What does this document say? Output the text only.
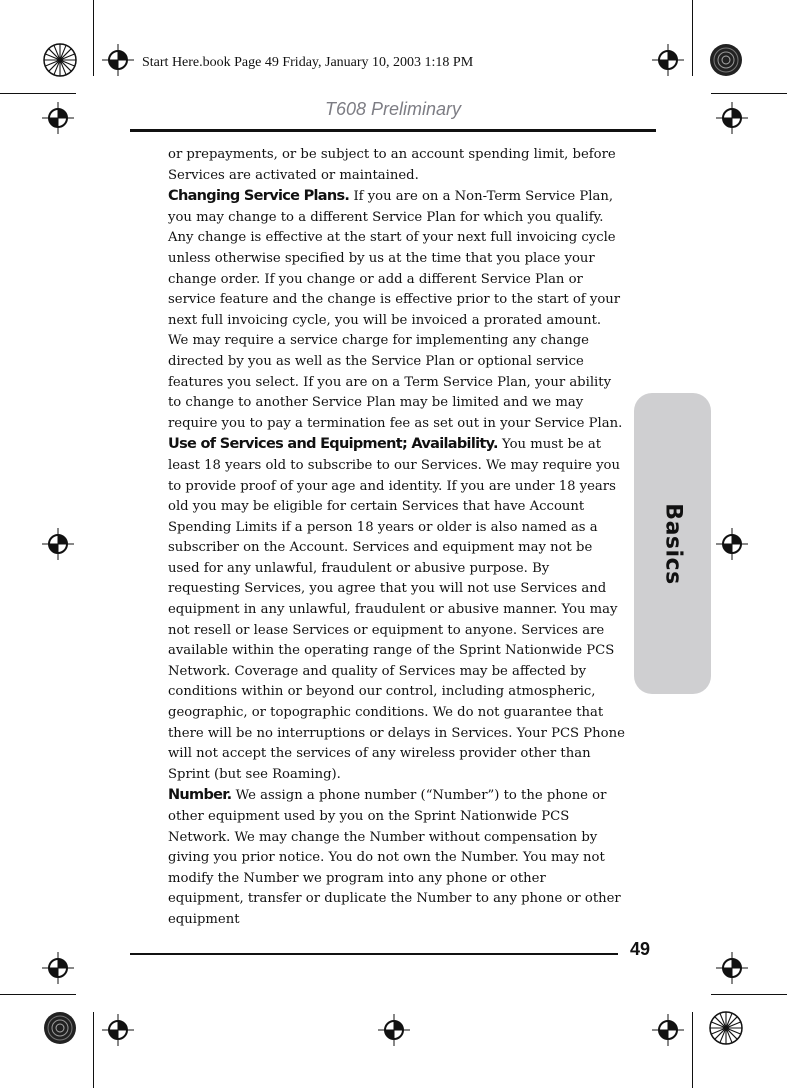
Start Here.book Page 49 Friday, January 10, 2003 1:18 PM
T608 Preliminary
Basics

or prepayments, or be subject to an account spending limit, before Services are activated or maintained.

Changing Service Plans. If you are on a Non-Term Service Plan, you may change to a different Service Plan for which you qualify. Any change is effective at the start of your next full invoicing cycle unless otherwise specified by us at the time that you place your change order. If you change or add a different Service Plan or service feature and the change is effective prior to the start of your next full invoicing cycle, you will be invoiced a prorated amount. We may require a service charge for implementing any change directed by you as well as the Service Plan or optional service features you select. If you are on a Term Service Plan, your ability to change to another Service Plan may be limited and we may require you to pay a termination fee as set out in your Service Plan.

Use of Services and Equipment; Availability. You must be at least 18 years old to subscribe to our Services. We may require you to provide proof of your age and identity. If you are under 18 years old you may be eligible for certain Services that have Account Spending Limits if a person 18 years or older is also named as a subscriber on the Account. Services and equipment may not be used for any unlawful, fraudulent or abusive purpose. By requesting Services, you agree that you will not use Services and equipment in any unlawful, fraudulent or abusive manner. You may not resell or lease Services or equipment to anyone. Services are available within the operating range of the Sprint Nationwide PCS Network. Coverage and quality of Services may be affected by conditions within or beyond our control, including atmospheric, geographic, or topographic conditions. We do not guarantee that there will be no interruptions or delays in Services. Your PCS Phone will not accept the services of any wireless provider other than Sprint (but see Roaming).

Number. We assign a phone number (“Number”) to the phone or other equipment used by you on the Sprint Nationwide PCS Network. We may change the Number without compensation by giving you prior notice. You do not own the Number. You may not modify the Number we program into any phone or other equipment, transfer or duplicate the Number to any phone or other equipment

49
